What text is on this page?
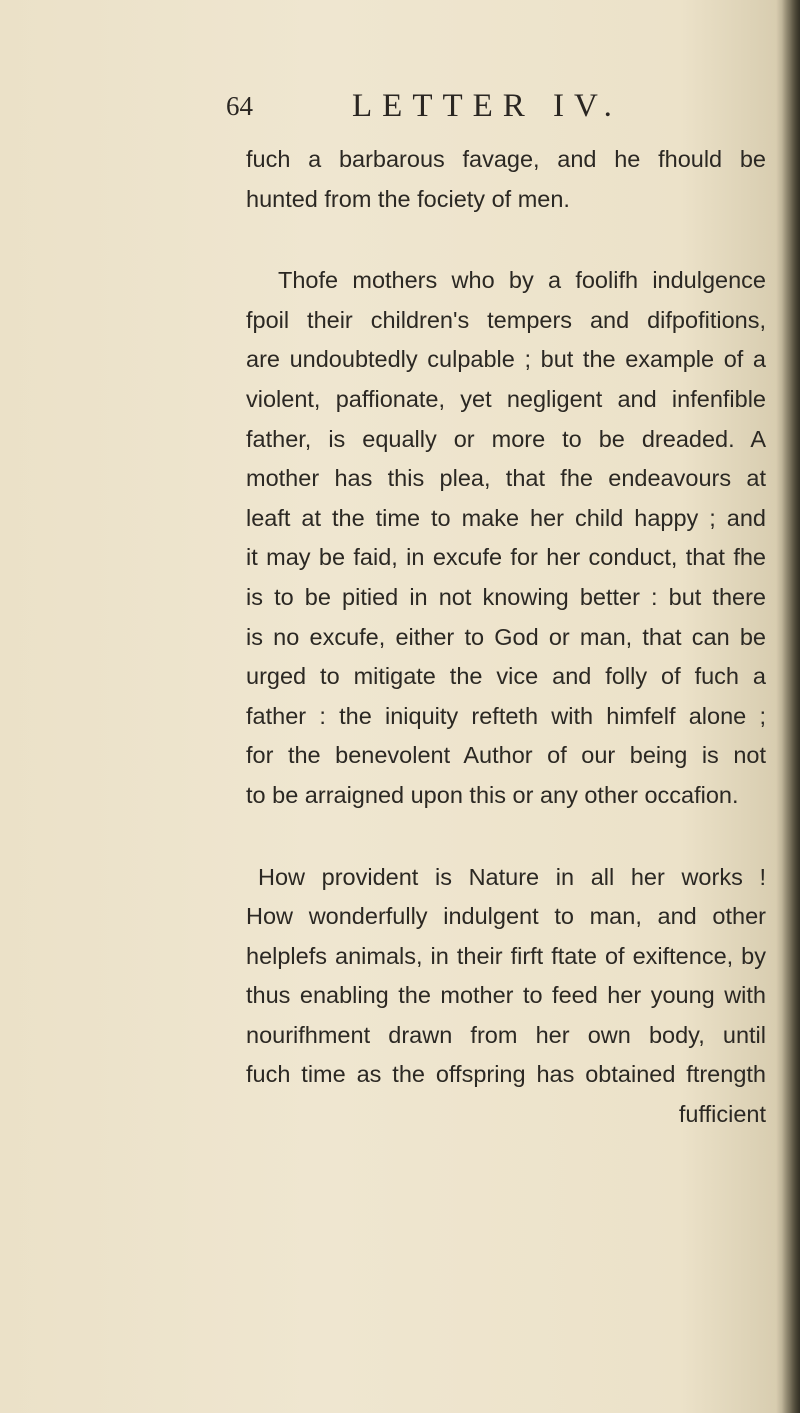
64	LETTER IV.
fuch a barbarous favage, and he fhould be
hunted from the fociety of men.
Thofe mothers who by a foolifh indulgence
fpoil their children's tempers and difpofitions,
are undoubtedly culpable ; but the example of a
violent, paffionate, yet negligent and infenfible
father, is equally or more to be dreaded. A
mother has this plea, that fhe endeavours at
leaft at the time to make her child happy ; and
it may be faid, in excufe for her conduct, that fhe
is to be pitied in not knowing better : but there
is no excufe, either to God or man, that can be
urged to mitigate the vice and folly of fuch a
father : the iniquity refteth with himfelf alone ;
for the benevolent Author of our being is not
to be arraigned upon this or any other occafion.
How provident is Nature in all her works !
How wonderfully indulgent to man, and other
helplefs animals, in their firft ftate of exiftence, by
thus enabling the mother to feed her young with
nourifhment drawn from her own body, until
fuch time as the offspring has obtained ftrength
fufficient
